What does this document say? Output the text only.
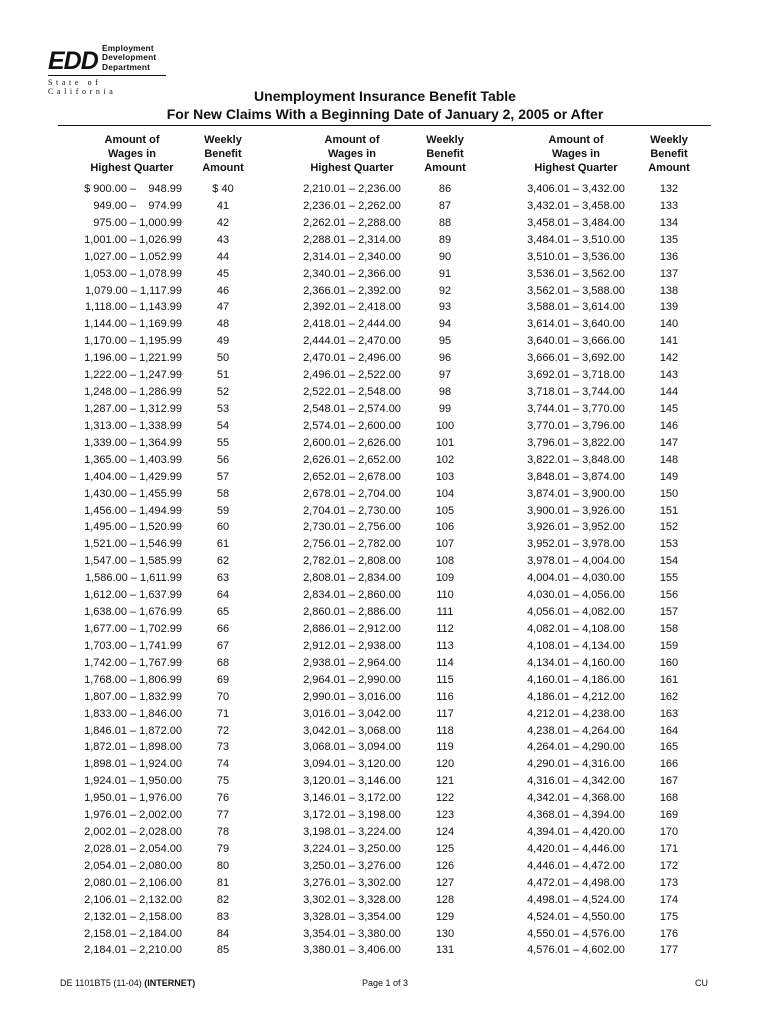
EDD Employment
Development
Department
State of California	Unemployment Insurance Benefit Table
For New Claims With a Beginning Date of January 2, 2005 or After
Amount of
Wages in
Highest Quarter
Weekly
Benefit
Amount
Amount of
Wages in
Highest Quarter
Weekly
Benefit
Amount
Amount of
Wages in
Highest Quarter
Weekly
Benefit
Amount
$ 900.00 –    948.99	$ 40	2,210.01 – 2,236.00	86	3,406.01 – 3,432.00	132
949.00 –    974.99	41	2,236.01 – 2,262.00	87	3,432.01 – 3,458.00	133
975.00 – 1,000.99	42	2,262.01 – 2,288.00	88	3,458.01 – 3,484.00	134
1,001.00 – 1,026.99	43	2,288.01 – 2,314.00	89	3,484.01 – 3,510.00	135
1,027.00 – 1,052.99	44	2,314.01 – 2,340.00	90	3,510.01 – 3,536.00	136
1,053.00 – 1,078.99	45	2,340.01 – 2,366.00	91	3,536.01 – 3,562.00	137
1,079.00 – 1,117.99	46	2,366.01 – 2,392.00	92	3,562.01 – 3,588.00	138
1,118.00 – 1,143.99	47	2,392.01 – 2,418.00	93	3,588.01 – 3,614.00	139
1,144.00 – 1,169.99	48	2,418.01 – 2,444.00	94	3,614.01 – 3,640.00	140
1,170.00 – 1,195.99	49	2,444.01 – 2,470.00	95	3,640.01 – 3,666.00	141
1,196.00 – 1,221.99	50	2,470.01 – 2,496.00	96	3,666.01 – 3,692.00	142
1,222.00 – 1,247.99	51	2,496.01 – 2,522.00	97	3,692.01 – 3,718.00	143
1,248.00 – 1,286.99	52	2,522.01 – 2,548.00	98	3,718.01 – 3,744.00	144
1,287.00 – 1,312.99	53	2,548.01 – 2,574.00	99	3,744.01 – 3,770.00	145
1,313.00 – 1,338.99	54	2,574.01 – 2,600.00	100	3,770.01 – 3,796.00	146
1,339.00 – 1,364.99	55	2,600.01 – 2,626.00	101	3,796.01 – 3,822.00	147
1,365.00 – 1,403.99	56	2,626.01 – 2,652.00	102	3,822.01 – 3,848.00	148
1,404.00 – 1,429.99	57	2,652.01 – 2,678.00	103	3,848.01 – 3,874.00	149
1,430.00 – 1,455.99	58	2,678.01 – 2,704.00	104	3,874.01 – 3,900.00	150
1,456.00 – 1,494.99	59	2,704.01 – 2,730.00	105	3,900.01 – 3,926.00	151
1,495.00 – 1,520.99	60	2,730.01 – 2,756.00	106	3,926.01 – 3,952.00	152
1,521.00 – 1,546.99	61	2,756.01 – 2,782.00	107	3,952.01 – 3,978.00	153
1,547.00 – 1,585.99	62	2,782.01 – 2,808.00	108	3,978.01 – 4,004.00	154
1,586.00 – 1,611.99	63	2,808.01 – 2,834.00	109	4,004.01 – 4,030.00	155
1,612.00 – 1,637.99	64	2,834.01 – 2,860.00	110	4,030.01 – 4,056.00	156
1,638.00 – 1,676.99	65	2,860.01 – 2,886.00	111	4,056.01 – 4,082.00	157
1,677.00 – 1,702.99	66	2,886.01 – 2,912.00	112	4,082.01 – 4,108.00	158
1,703.00 – 1,741.99	67	2,912.01 – 2,938.00	113	4,108.01 – 4,134.00	159
1,742.00 – 1,767.99	68	2,938.01 – 2,964.00	114	4,134.01 – 4,160.00	160
1,768.00 – 1,806.99	69	2,964.01 – 2,990.00	115	4,160.01 – 4,186.00	161
1,807.00 – 1,832.99	70	2,990.01 – 3,016.00	116	4,186.01 – 4,212.00	162
1,833.00 – 1,846.00	71	3,016.01 – 3,042.00	117	4,212.01 – 4,238.00	163
1,846.01 – 1,872.00	72	3,042.01 – 3,068.00	118	4,238.01 – 4,264.00	164
1,872.01 – 1,898.00	73	3,068.01 – 3,094.00	119	4,264.01 – 4,290.00	165
1,898.01 – 1,924.00	74	3,094.01 – 3,120.00	120	4,290.01 – 4,316.00	166
1,924.01 – 1,950.00	75	3,120.01 – 3,146.00	121	4,316.01 – 4,342.00	167
1,950.01 – 1,976.00	76	3,146.01 – 3,172.00	122	4,342.01 – 4,368.00	168
1,976.01 – 2,002.00	77	3,172.01 – 3,198.00	123	4,368.01 – 4,394.00	169
2,002.01 – 2,028.00	78	3,198.01 – 3,224.00	124	4,394.01 – 4,420.00	170
2,028.01 – 2,054.00	79	3,224.01 – 3,250.00	125	4,420.01 – 4,446.00	171
2,054.01 – 2,080.00	80	3,250.01 – 3,276.00	126	4,446.01 – 4,472.00	172
2,080.01 – 2,106.00	81	3,276.01 – 3,302.00	127	4,472.01 – 4,498.00	173
2,106.01 – 2,132.00	82	3,302.01 – 3,328.00	128	4,498.01 – 4,524.00	174
2,132.01 – 2,158.00	83	3,328.01 – 3,354.00	129	4,524.01 – 4,550.00	175
2,158.01 – 2,184.00	84	3,354.01 – 3,380.00	130	4,550.01 – 4,576.00	176
2,184.01 – 2,210.00	85	3,380.01 – 3,406.00	131	4,576.01 – 4,602.00	177
DE 1101BT5 (11-04) (INTERNET)	Page 1 of 3	CU
